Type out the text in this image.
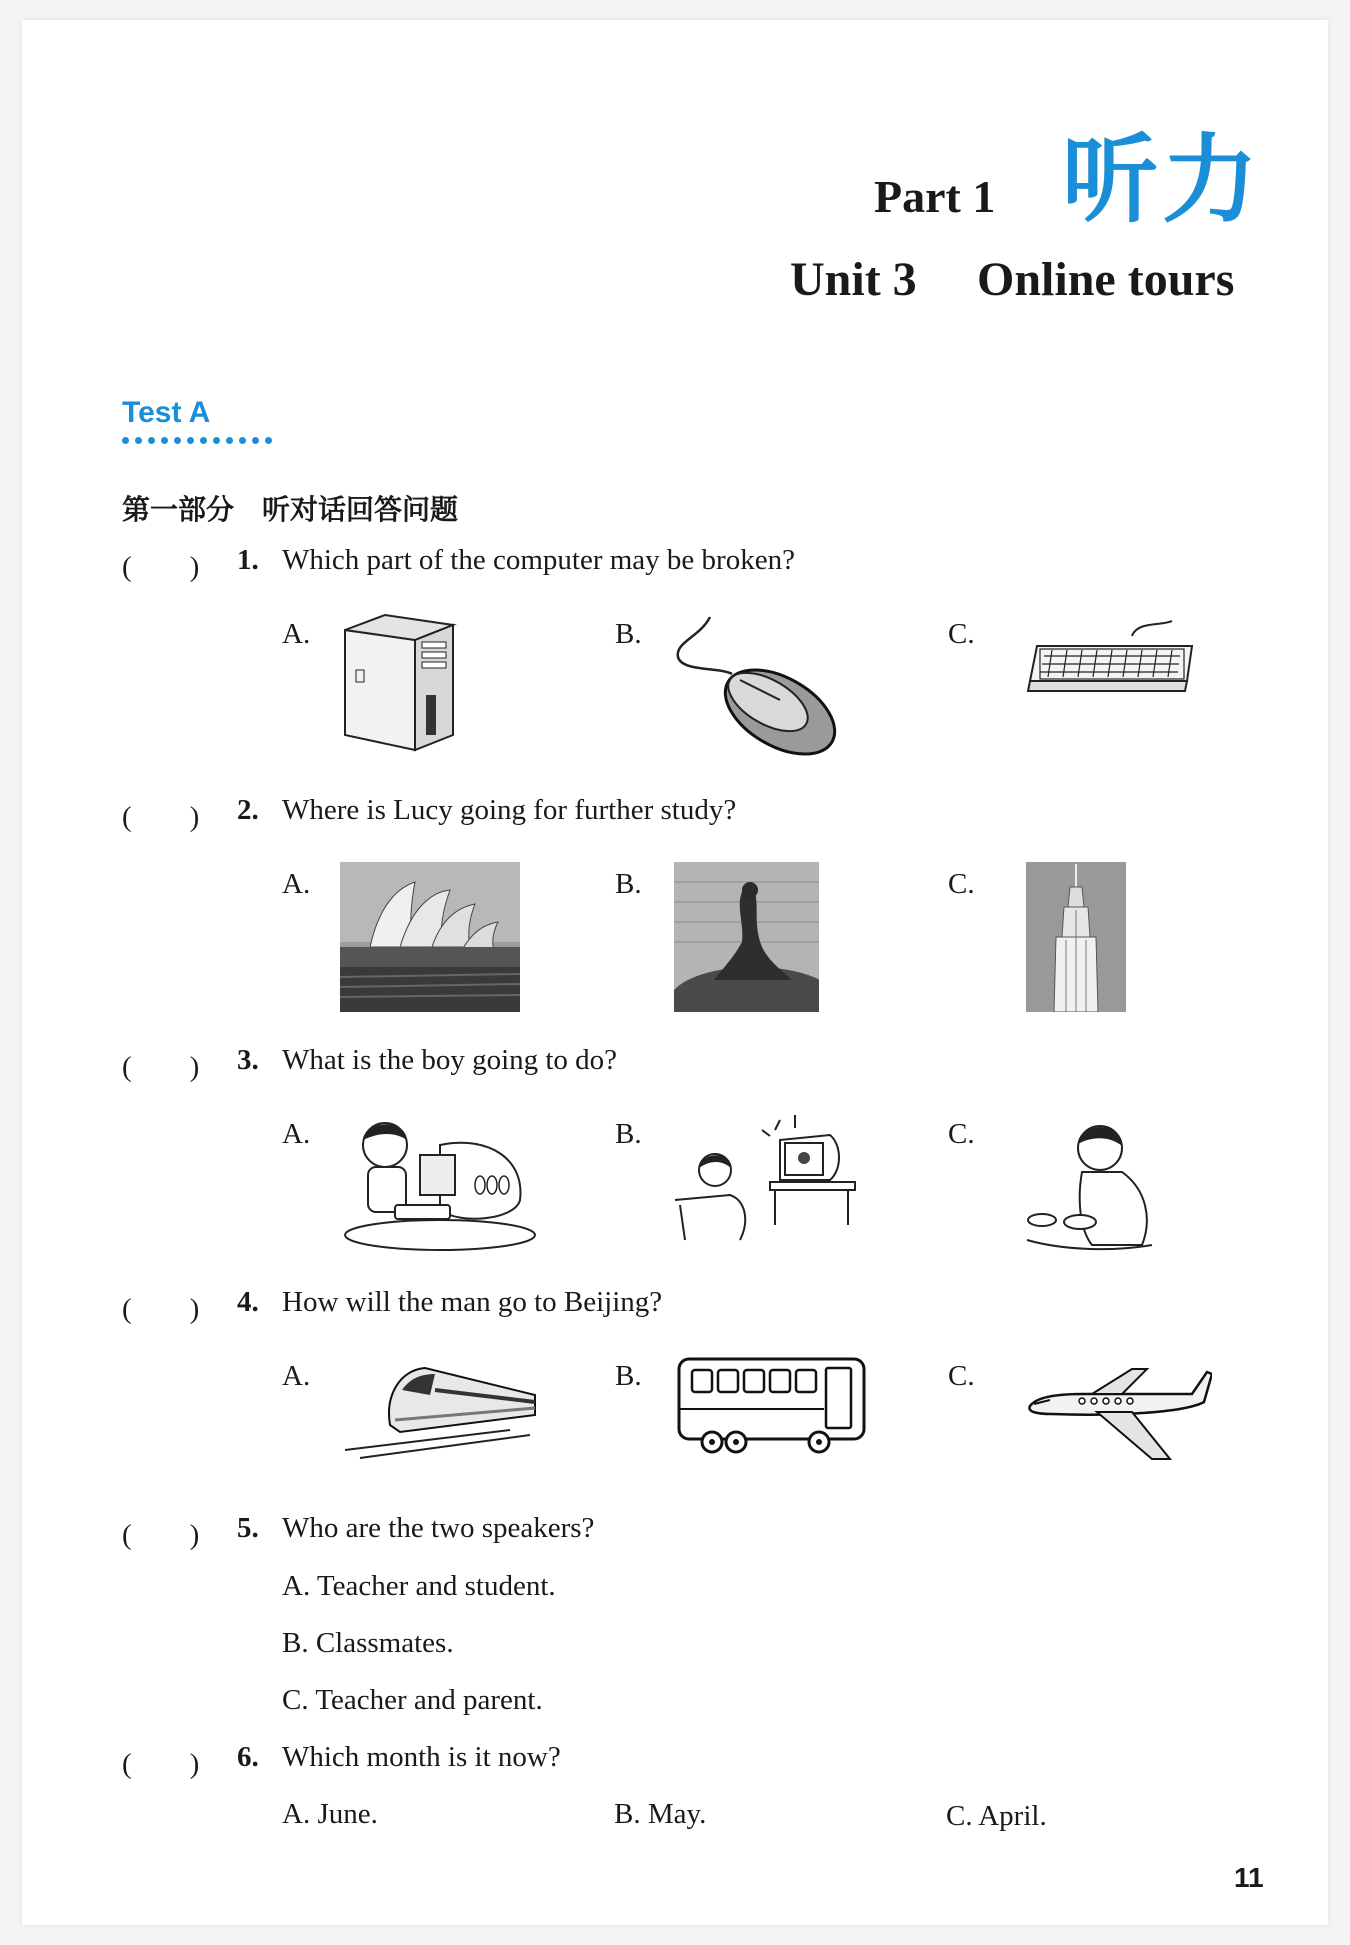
Part 1 听力
Unit 3 Online tours
Test A
第一部分　听对话回答问题
(　　) 1. Which part of the computer may be broken?
A.	B.	C.
(　　) 2. Where is Lucy going for further study?
A.	B.	C.
(　　) 3. What is the boy going to do?
A.	B.	C.
(　　) 4. How will the man go to Beijing?
A.	B.	C.
(　　) 5. Who are the two speakers?
A. Teacher and student.
B. Classmates.
C. Teacher and parent.
(　　) 6. Which month is it now?
A. June.	B. May.	C. April.
11
